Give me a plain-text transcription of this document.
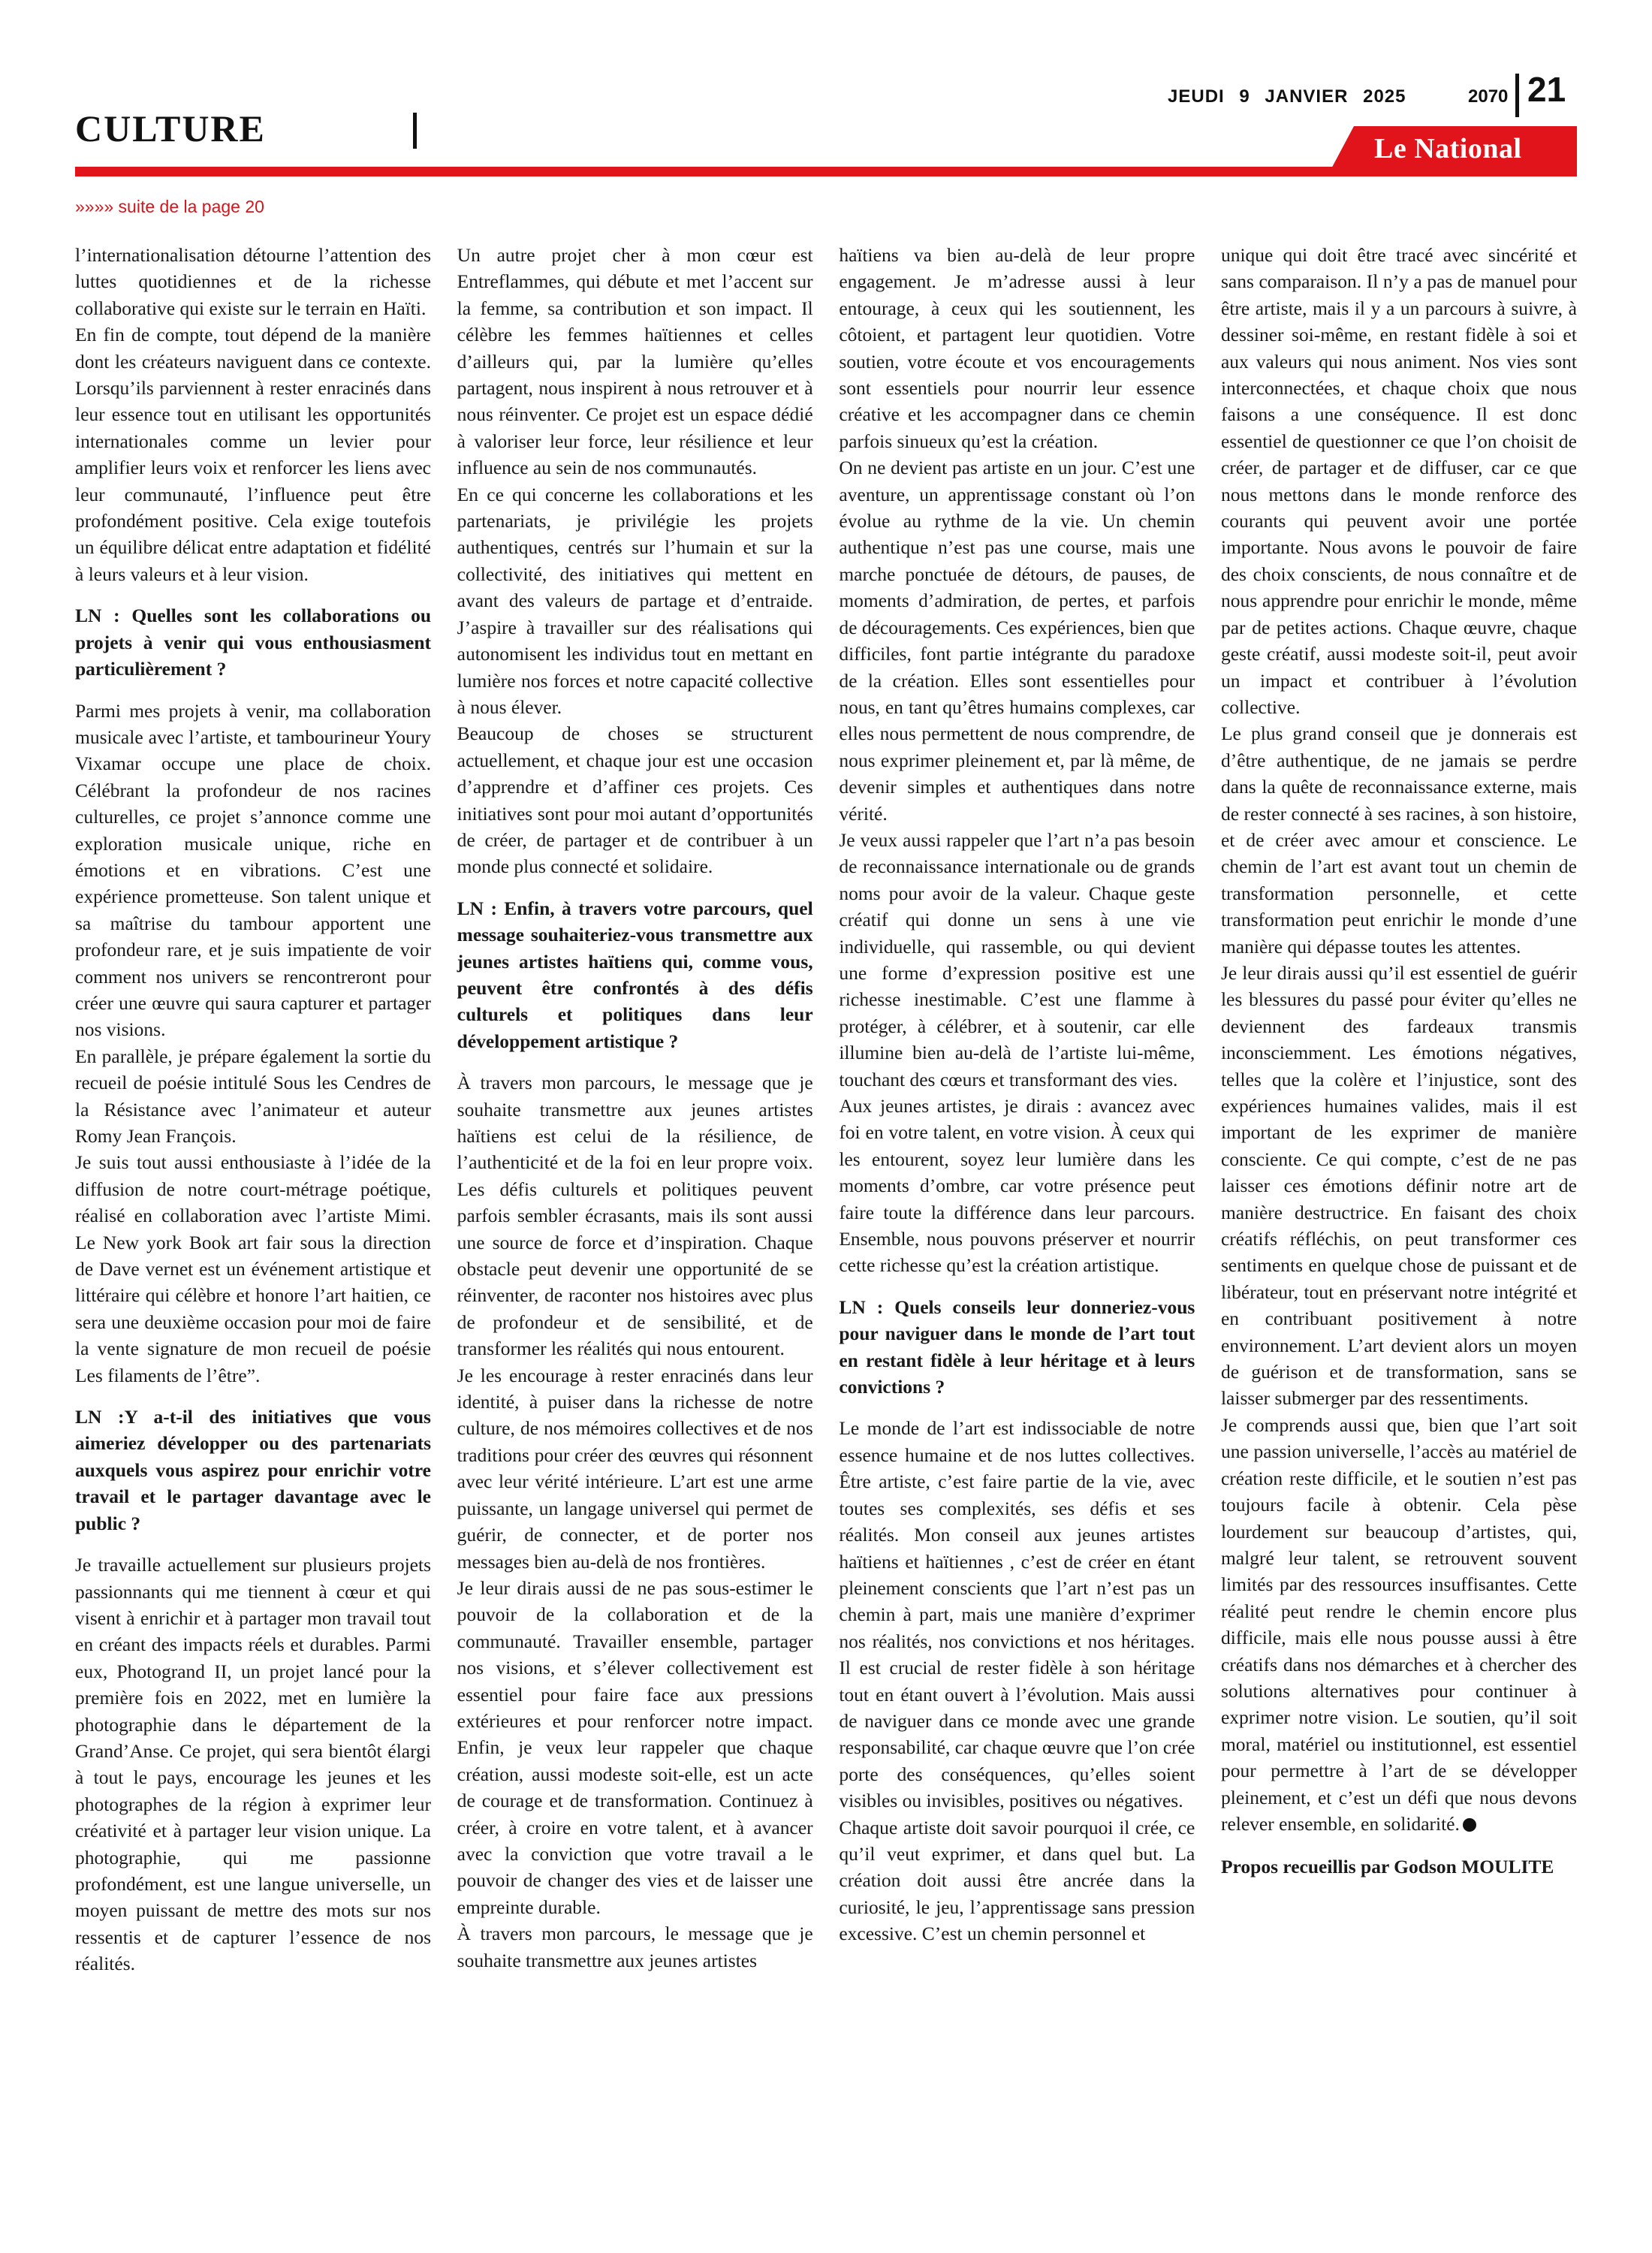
CULTURE
JEUDI 9 JANVIER 2025	2070 21
Le National
»»»» suite de la page 20

l’internationalisation détourne l’attention des luttes quotidiennes et de la richesse collaborative qui existe sur le terrain en Haïti.

En fin de compte, tout dépend de la manière dont les créateurs naviguent dans ce contexte. Lorsqu’ils parviennent à rester enracinés dans leur essence tout en utilisant les opportunités internationales comme un levier pour amplifier leurs voix et renforcer les liens avec leur communauté, l’influence peut être profondément positive. Cela exige toutefois un équilibre délicat entre adaptation et fidélité à leurs valeurs et à leur vision.

LN : Quelles sont les collaborations ou projets à venir qui vous enthousiasment particulièrement ?

Parmi mes projets à venir, ma collaboration musicale avec l’artiste, et tambourineur Youry Vixamar occupe une place de choix. Célébrant la profondeur de nos racines culturelles, ce projet s’annonce comme une exploration musicale unique, riche en émotions et en vibrations. C’est une expérience prometteuse. Son talent unique et sa maîtrise du tambour apportent une profondeur rare, et je suis impatiente de voir comment nos univers se rencontreront pour créer une œuvre qui saura capturer et partager nos visions.

En parallèle, je prépare également la sortie du recueil de poésie intitulé Sous les Cendres de la Résistance avec l’animateur et auteur Romy Jean François.

Je suis tout aussi enthousiaste à l’idée de la diffusion de notre court-métrage poétique, réalisé en collaboration avec l’artiste Mimi. Le New york Book art fair sous la direction de Dave vernet est un événement artistique et littéraire qui célèbre et honore l’art haitien, ce sera une deuxième occasion pour moi de faire la vente signature de mon recueil de poésie Les filaments de l’être”.

LN :Y a-t-il des initiatives que vous aimeriez développer ou des partenariats auxquels vous aspirez pour enrichir votre travail et le partager davantage avec le public ?

Je travaille actuellement sur plusieurs projets passionnants qui me tiennent à cœur et qui visent à enrichir et à partager mon travail tout en créant des impacts réels et durables. Parmi eux, Photogrand II, un projet lancé pour la première fois en 2022, met en lumière la photographie dans le département de la Grand’Anse. Ce projet, qui sera bientôt élargi à tout le pays, encourage les jeunes et les photographes de la région à exprimer leur créativité et à partager leur vision unique. La photographie, qui me passionne profondément, est une langue universelle, un moyen puissant de mettre des mots sur nos ressentis et de capturer l’essence de nos réalités.

Un autre projet cher à mon cœur est Entreflammes, qui débute et met l’accent sur la femme, sa contribution et son impact. Il célèbre les femmes haïtiennes et celles d’ailleurs qui, par la lumière qu’elles partagent, nous inspirent à nous retrouver et à nous réinventer. Ce projet est un espace dédié à valoriser leur force, leur résilience et leur influence au sein de nos communautés.

En ce qui concerne les collaborations et les partenariats, je privilégie les projets authentiques, centrés sur l’humain et sur la collectivité, des initiatives qui mettent en avant des valeurs de partage et d’entraide. J’aspire à travailler sur des réalisations qui autonomisent les individus tout en mettant en lumière nos forces et notre capacité collective à nous élever.

Beaucoup de choses se structurent actuellement, et chaque jour est une occasion d’apprendre et d’affiner ces projets. Ces initiatives sont pour moi autant d’opportunités de créer, de partager et de contribuer à un monde plus connecté et solidaire.

LN : Enfin, à travers votre parcours, quel message souhaiteriez-vous transmettre aux jeunes artistes haïtiens qui, comme vous, peuvent être confrontés à des défis culturels et politiques dans leur développement artistique ?

À travers mon parcours, le message que je souhaite transmettre aux jeunes artistes haïtiens est celui de la résilience, de l’authenticité et de la foi en leur propre voix. Les défis culturels et politiques peuvent parfois sembler écrasants, mais ils sont aussi une source de force et d’inspiration. Chaque obstacle peut devenir une opportunité de se réinventer, de raconter nos histoires avec plus de profondeur et de sensibilité, et de transformer les réalités qui nous entourent.

Je les encourage à rester enracinés dans leur identité, à puiser dans la richesse de notre culture, de nos mémoires collectives et de nos traditions pour créer des œuvres qui résonnent avec leur vérité intérieure. L’art est une arme puissante, un langage universel qui permet de guérir, de connecter, et de porter nos messages bien au-delà de nos frontières.

Je leur dirais aussi de ne pas sous-estimer le pouvoir de la collaboration et de la communauté. Travailler ensemble, partager nos visions, et s’élever collectivement est essentiel pour faire face aux pressions extérieures et pour renforcer notre impact. Enfin, je veux leur rappeler que chaque création, aussi modeste soit-elle, est un acte de courage et de transformation. Continuez à créer, à croire en votre talent, et à avancer avec la conviction que votre travail a le pouvoir de changer des vies et de laisser une empreinte durable.

À travers mon parcours, le message que je souhaite transmettre aux jeunes artistes

haïtiens va bien au-delà de leur propre engagement. Je m’adresse aussi à leur entourage, à ceux qui les soutiennent, les côtoient, et partagent leur quotidien. Votre soutien, votre écoute et vos encouragements sont essentiels pour nourrir leur essence créative et les accompagner dans ce chemin parfois sinueux qu’est la création.

On ne devient pas artiste en un jour. C’est une aventure, un apprentissage constant où l’on évolue au rythme de la vie. Un chemin authentique n’est pas une course, mais une marche ponctuée de détours, de pauses, de moments d’admiration, de pertes, et parfois de découragements. Ces expériences, bien que difficiles, font partie intégrante du paradoxe de la création. Elles sont essentielles pour nous, en tant qu’êtres humains complexes, car elles nous permettent de nous comprendre, de nous exprimer pleinement et, par là même, de devenir simples et authentiques dans notre vérité.

Je veux aussi rappeler que l’art n’a pas besoin de reconnaissance internationale ou de grands noms pour avoir de la valeur. Chaque geste créatif qui donne un sens à une vie individuelle, qui rassemble, ou qui devient une forme d’expression positive est une richesse inestimable. C’est une flamme à protéger, à célébrer, et à soutenir, car elle illumine bien au-delà de l’artiste lui-même, touchant des cœurs et transformant des vies.

Aux jeunes artistes, je dirais : avancez avec foi en votre talent, en votre vision. À ceux qui les entourent, soyez leur lumière dans les moments d’ombre, car votre présence peut faire toute la différence dans leur parcours. Ensemble, nous pouvons préserver et nourrir cette richesse qu’est la création artistique.

LN : Quels conseils leur donneriez-vous pour naviguer dans le monde de l’art tout en restant fidèle à leur héritage et à leurs convictions ?

Le monde de l’art est indissociable de notre essence humaine et de nos luttes collectives. Être artiste, c’est faire partie de la vie, avec toutes ses complexités, ses défis et ses réalités. Mon conseil aux jeunes artistes haïtiens et haïtiennes , c’est de créer en étant pleinement conscients que l’art n’est pas un chemin à part, mais une manière d’exprimer nos réalités, nos convictions et nos héritages. Il est crucial de rester fidèle à son héritage tout en étant ouvert à l’évolution. Mais aussi de naviguer dans ce monde avec une grande responsabilité, car chaque œuvre que l’on crée porte des conséquences, qu’elles soient visibles ou invisibles, positives ou négatives.

Chaque artiste doit savoir pourquoi il crée, ce qu’il veut exprimer, et dans quel but. La création doit aussi être ancrée dans la curiosité, le jeu, l’apprentissage sans pression excessive. C’est un chemin personnel et

unique qui doit être tracé avec sincérité et sans comparaison. Il n’y a pas de manuel pour être artiste, mais il y a un parcours à suivre, à dessiner soi-même, en restant fidèle à soi et aux valeurs qui nous animent. Nos vies sont interconnectées, et chaque choix que nous faisons a une conséquence. Il est donc essentiel de questionner ce que l’on choisit de créer, de partager et de diffuser, car ce que nous mettons dans le monde renforce des courants qui peuvent avoir une portée importante. Nous avons le pouvoir de faire des choix conscients, de nous connaître et de nous apprendre pour enrichir le monde, même par de petites actions. Chaque œuvre, chaque geste créatif, aussi modeste soit-il, peut avoir un impact et contribuer à l’évolution collective.

Le plus grand conseil que je donnerais est d’être authentique, de ne jamais se perdre dans la quête de reconnaissance externe, mais de rester connecté à ses racines, à son histoire, et de créer avec amour et conscience. Le chemin de l’art est avant tout un chemin de transformation personnelle, et cette transformation peut enrichir le monde d’une manière qui dépasse toutes les attentes.

Je leur dirais aussi qu’il est essentiel de guérir les blessures du passé pour éviter qu’elles ne deviennent des fardeaux transmis inconsciemment. Les émotions négatives, telles que la colère et l’injustice, sont des expériences humaines valides, mais il est important de les exprimer de manière consciente. Ce qui compte, c’est de ne pas laisser ces émotions définir notre art de manière destructrice. En faisant des choix créatifs réfléchis, on peut transformer ces sentiments en quelque chose de puissant et de libérateur, tout en préservant notre intégrité et en contribuant positivement à notre environnement. L’art devient alors un moyen de guérison et de transformation, sans se laisser submerger par des ressentiments.

Je comprends aussi que, bien que l’art soit une passion universelle, l’accès au matériel de création reste difficile, et le soutien n’est pas toujours facile à obtenir. Cela pèse lourdement sur beaucoup d’artistes, qui, malgré leur talent, se retrouvent souvent limités par des ressources insuffisantes. Cette réalité peut rendre le chemin encore plus difficile, mais elle nous pousse aussi à être créatifs dans nos démarches et à chercher des solutions alternatives pour continuer à exprimer notre vision. Le soutien, qu’il soit moral, matériel ou institutionnel, est essentiel pour permettre à l’art de se développer pleinement, et c’est un défi que nous devons relever ensemble, en solidarité.

Propos recueillis par Godson MOULITE
